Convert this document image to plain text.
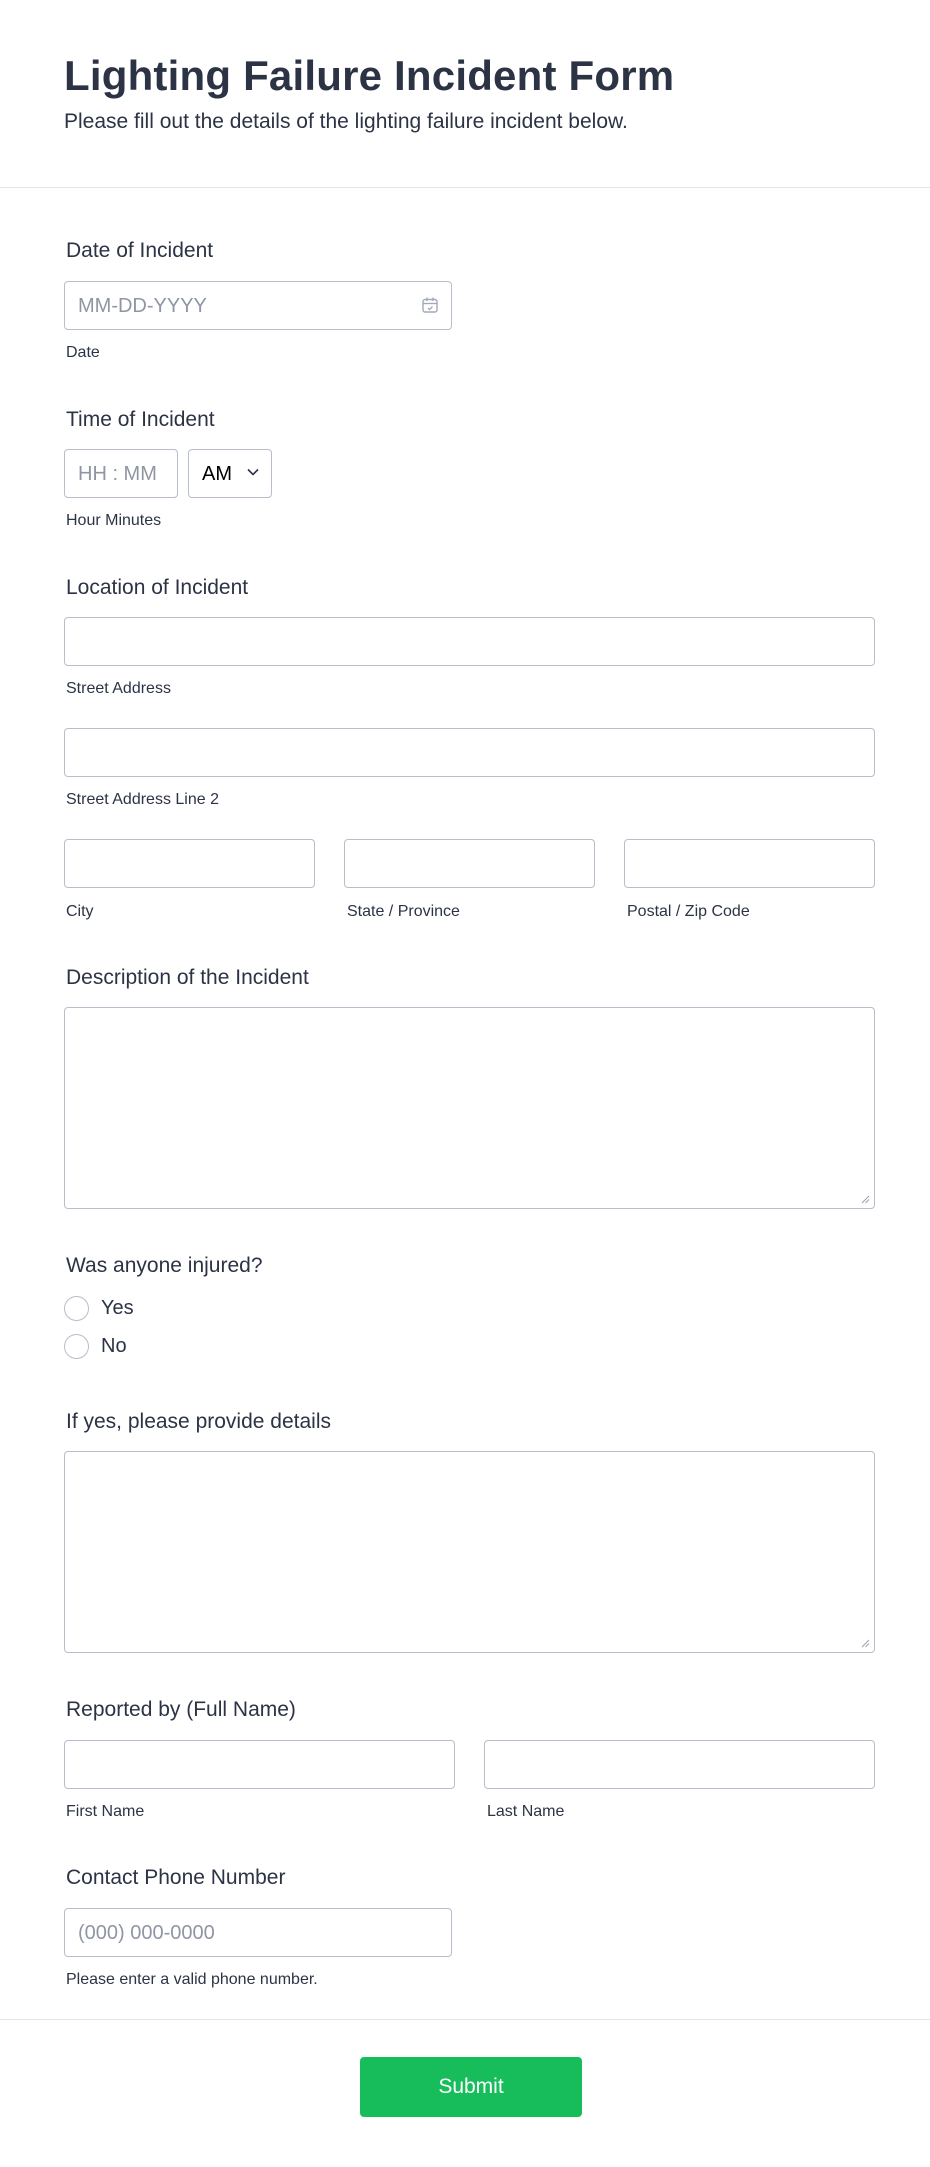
Lighting Failure Incident Form
Please fill out the details of the lighting failure incident below.
Date of Incident
MM-DD-YYYY
Date
Time of Incident
HH : MM AM
Hour Minutes
Location of Incident
Street Address
Street Address Line 2
City	State / Province	Postal / Zip Code
Description of the Incident
Was anyone injured?
Yes
No
If yes, please provide details
Reported by (Full Name)
First Name	Last Name
Contact Phone Number
(000) 000-0000
Please enter a valid phone number.
Submit
